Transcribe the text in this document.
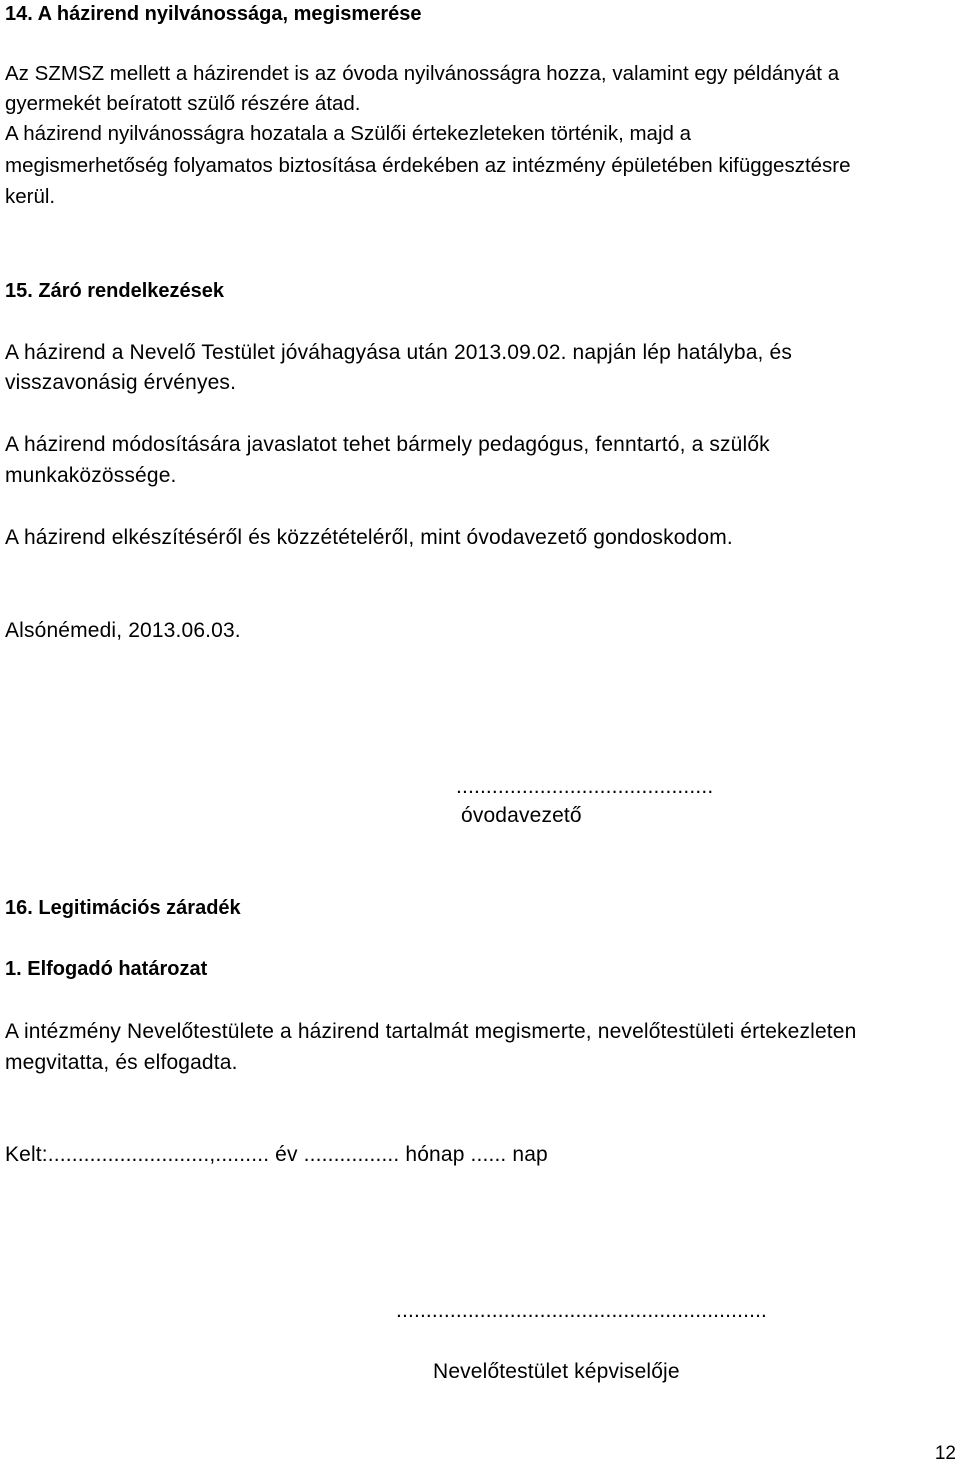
14. A házirend nyilvánossága, megismerése

Az SZMSZ mellett a házirendet is az óvoda nyilvánosságra hozza, valamint egy példányát a

gyermekét beíratott szülő részére átad.

A házirend nyilvánosságra hozatala a Szülői értekezleteken történik, majd a

megismerhetőség folyamatos biztosítása érdekében az intézmény épületében kifüggesztésre

kerül.

15. Záró rendelkezések

A házirend a Nevelő Testület jóváhagyása után 2013.09.02. napján lép hatályba, és

visszavonásig érvényes.

A házirend módosítására javaslatot tehet bármely pedagógus, fenntartó, a szülők

munkaközössége.

A házirend elkészítéséről és közzétételéről, mint óvodavezető gondoskodom.

Alsónémedi, 2013.06.03.

...........................................

óvodavezető

16. Legitimációs záradék

1. Elfogadó határozat

A intézmény Nevelőtestülete a házirend tartalmát megismerte, nevelőtestületi értekezleten

megvitatta, és elfogadta.

Kelt:...........................,......... év ................ hónap ...... nap

..............................................................

Nevelőtestület képviselője

12
